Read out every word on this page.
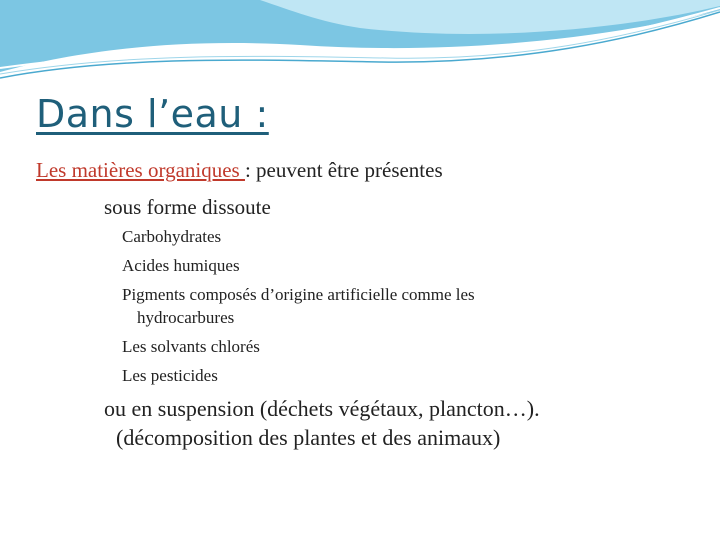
Dans l’eau :
Les matières organiques : peuvent être présentes
sous forme dissoute
Carbohydrates
Acides humiques
Pigments composés d’origine artificielle comme les
hydrocarbures
Les solvants chlorés
Les pesticides
ou en suspension (déchets végétaux, plancton…).
(décomposition des plantes et des animaux)
